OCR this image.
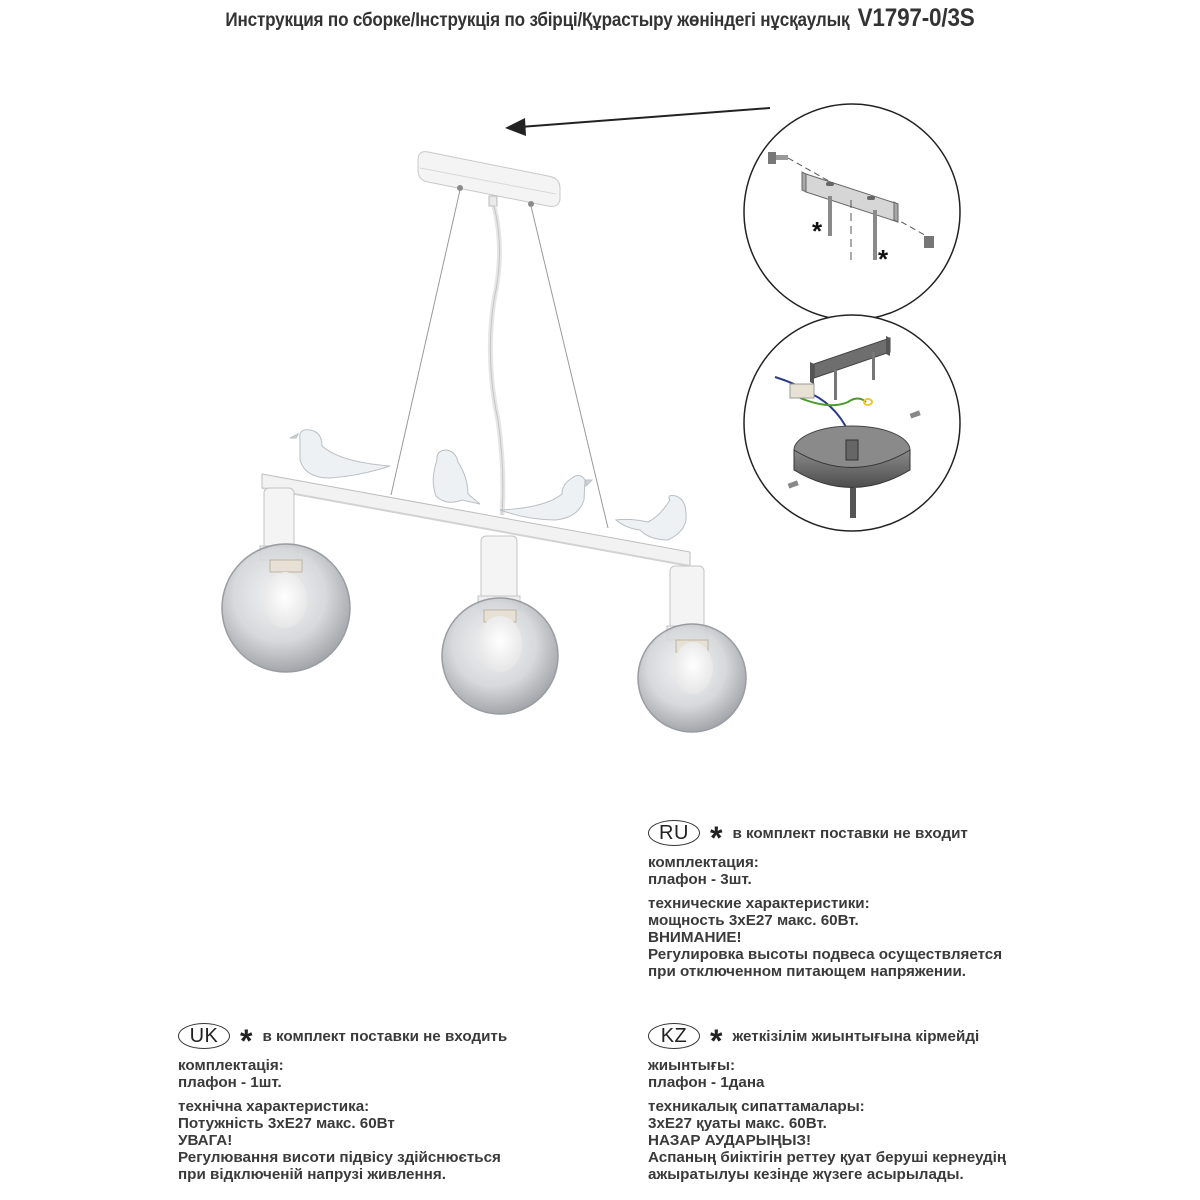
Инструкция по сборке/Інструкція по збірці/Құрастыру жөніндегі нұсқаулық V1797-0/3S
*
*
RU * в комплект поставки не входит
комплектация:
плафон - 3шт.
технические характеристики:
мощность 3хЕ27 макс. 60Вт.
ВНИМАНИЕ!
Регулировка высоты подвеса осуществляется
при отключенном питающем напряжении.
UK * в комплект поставки не входить
комплектація:
плафон - 1шт.
технічна характеристика:
Потужність 3хЕ27 макс. 60Вт
УВАГА!
Регулювання висоти підвісу здійснюється
при відключеній напрузі живлення.
KZ * жеткізілім жиынтығына кірмейді
жиынтығы:
плафон - 1дана
техникалық сипаттамалары:
3хЕ27 қуаты макс. 60Вт.
НАЗАР АУДАРЫҢЫЗ!
Аспаның биіктігін реттеу қуат беруші кернеудің
ажыратылуы кезінде жүзеге асырылады.
